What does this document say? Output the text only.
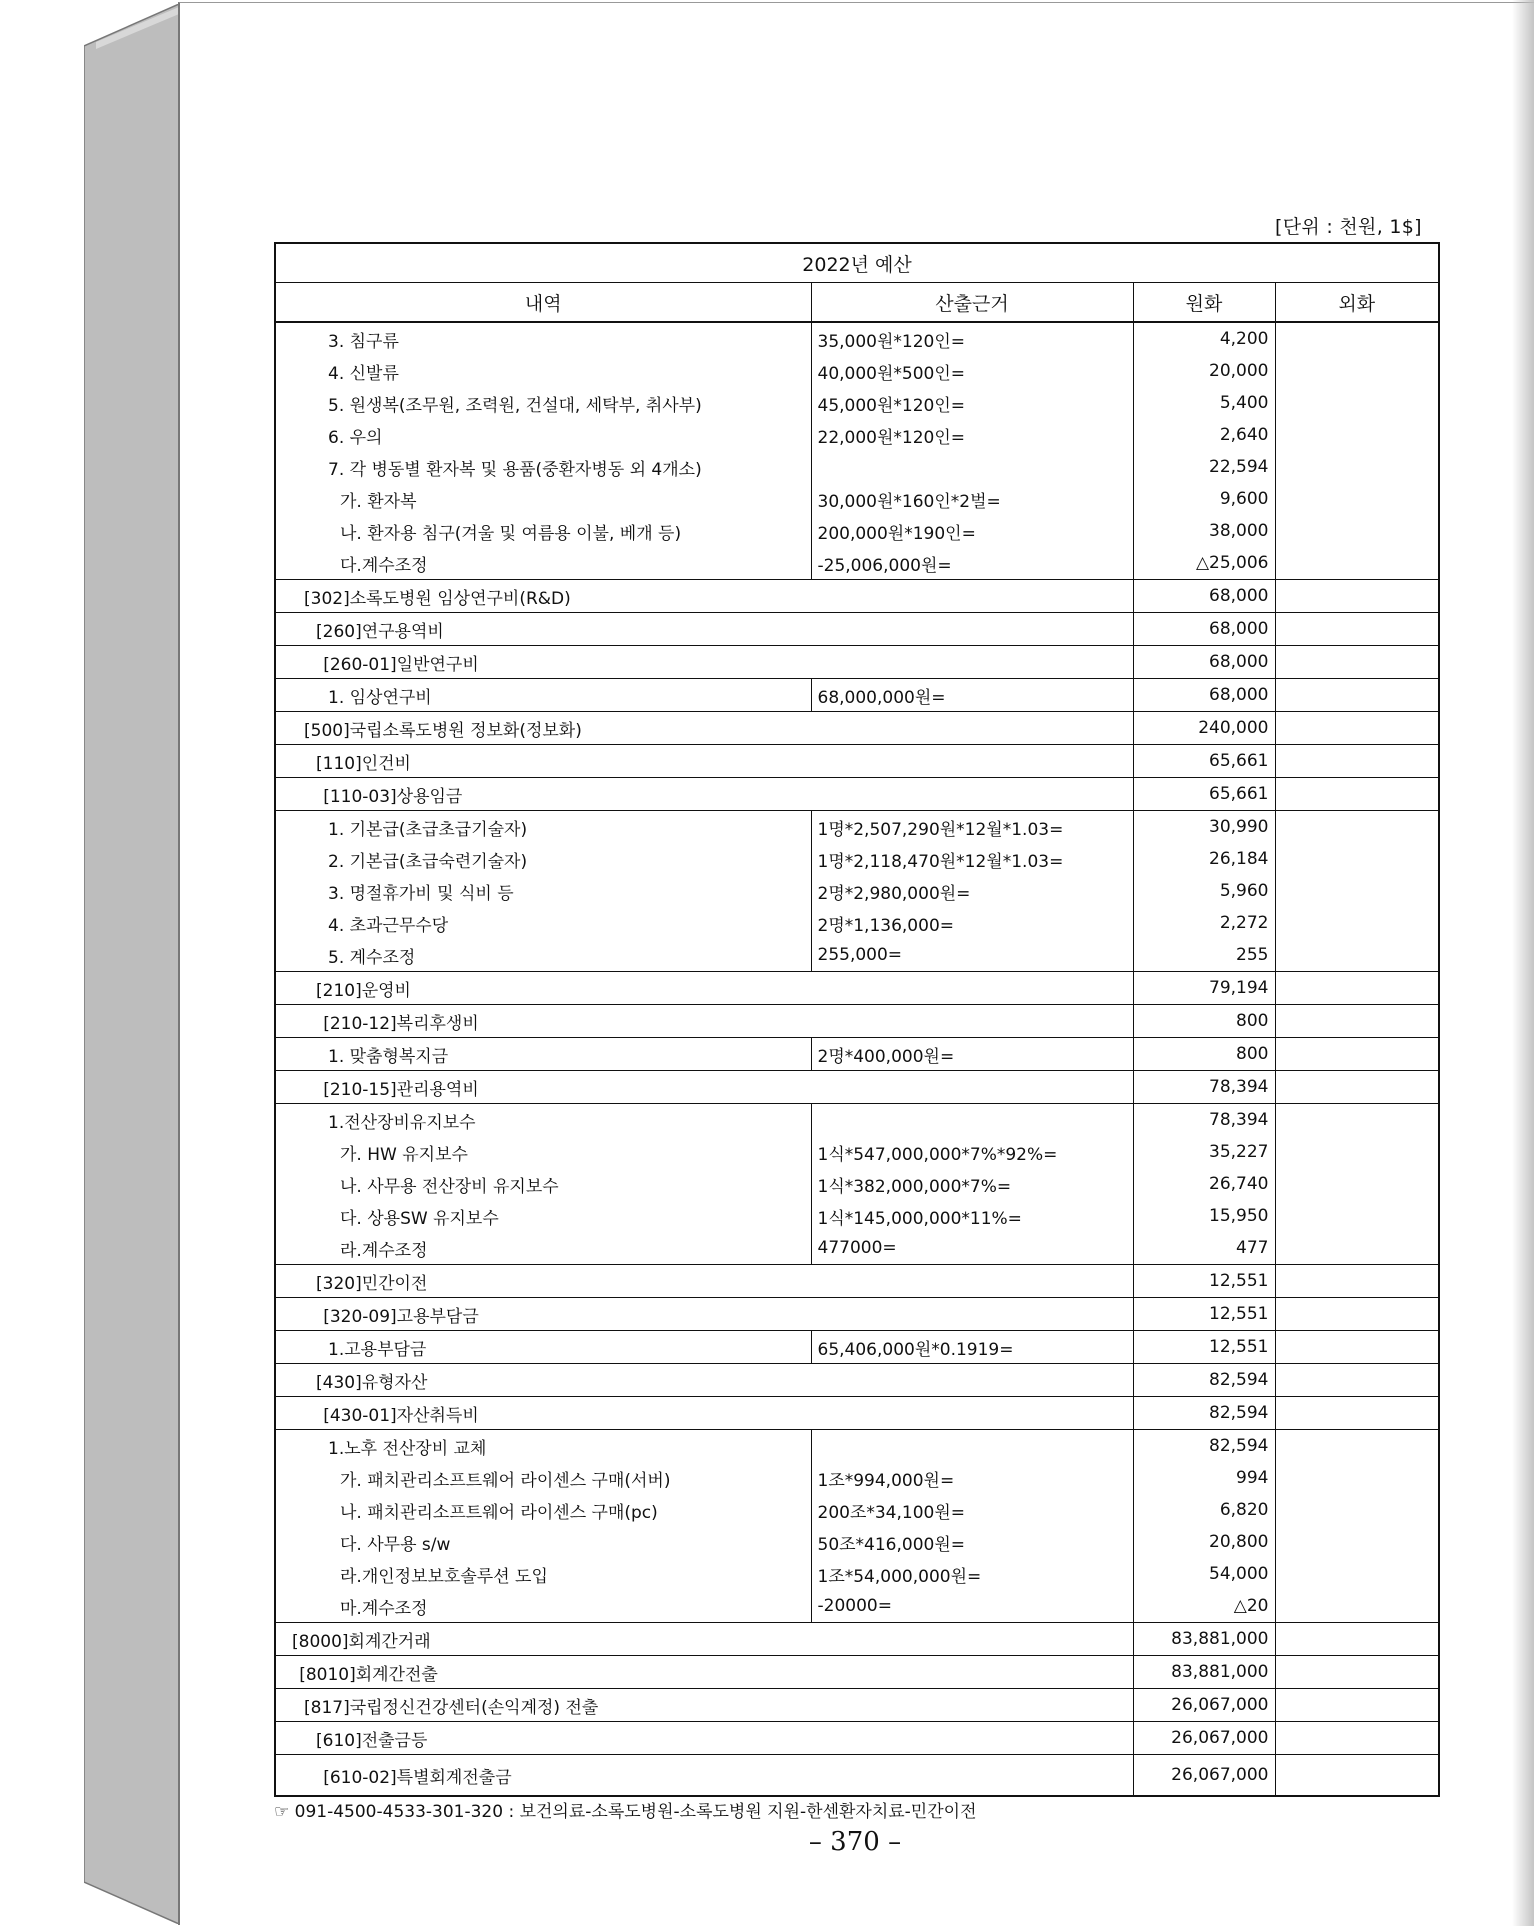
[단위 : 천원, 1$]
2022년 예산			
내역	산출근거	원화	외화
3. 침구류	35,000원*120인=	4,200	
4. 신발류	40,000원*500인=	20,000	
5. 원생복(조무원, 조력원, 건설대, 세탁부, 취사부)	45,000원*120인=	5,400	
6. 우의	22,000원*120인=	2,640	
7. 각 병동별 환자복 및 용품(중환자병동 외 4개소)		22,594	
가. 환자복	30,000원*160인*2벌=	9,600	
나. 환자용 침구(겨울 및 여름용 이불, 베개 등)	200,000원*190인=	38,000	
다.계수조정	-25,006,000원=	△25,006	
[302]소록도병원 임상연구비(R&D)		68,000	
[260]연구용역비		68,000	
[260-01]일반연구비		68,000	
1. 임상연구비	68,000,000원=	68,000	
[500]국립소록도병원 정보화(정보화)		240,000	
[110]인건비		65,661	
[110-03]상용임금		65,661	
1. 기본급(초급초급기술자)	1명*2,507,290원*12월*1.03=	30,990	
2. 기본급(초급숙련기술자)	1명*2,118,470원*12월*1.03=	26,184	
3. 명절휴가비 및 식비 등	2명*2,980,000원=	5,960	
4. 초과근무수당	2명*1,136,000=	2,272	
5. 계수조정	255,000=	255	
[210]운영비		79,194	
[210-12]복리후생비		800	
1. 맞춤형복지금	2명*400,000원=	800	
[210-15]관리용역비		78,394	
1.전산장비유지보수		78,394	
가. HW 유지보수	1식*547,000,000*7%*92%=	35,227	
나. 사무용 전산장비 유지보수	1식*382,000,000*7%=	26,740	
다. 상용SW 유지보수	1식*145,000,000*11%=	15,950	
라.계수조정	477000=	477	
[320]민간이전		12,551	
[320-09]고용부담금		12,551	
1.고용부담금	65,406,000원*0.1919=	12,551	
[430]유형자산		82,594	
[430-01]자산취득비		82,594	
1.노후 전산장비 교체		82,594	
가. 패치관리소프트웨어 라이센스 구매(서버)	1조*994,000원=	994	
나. 패치관리소프트웨어 라이센스 구매(pc)	200조*34,100원=	6,820	
다. 사무용 s/w	50조*416,000원=	20,800	
라.개인정보보호솔루션 도입	1조*54,000,000원=	54,000	
마.계수조정	-20000=	△20	
[8000]회계간거래		83,881,000	
[8010]회계간전출		83,881,000	
[817]국립정신건강센터(손익계정) 전출		26,067,000	
[610]전출금등		26,067,000	
[610-02]특별회계전출금		26,067,000	
☞ 091-4500-4533-301-320 : 보건의료-소록도병원-소록도병원 지원-한센환자치료-민간이전
– 370 –
